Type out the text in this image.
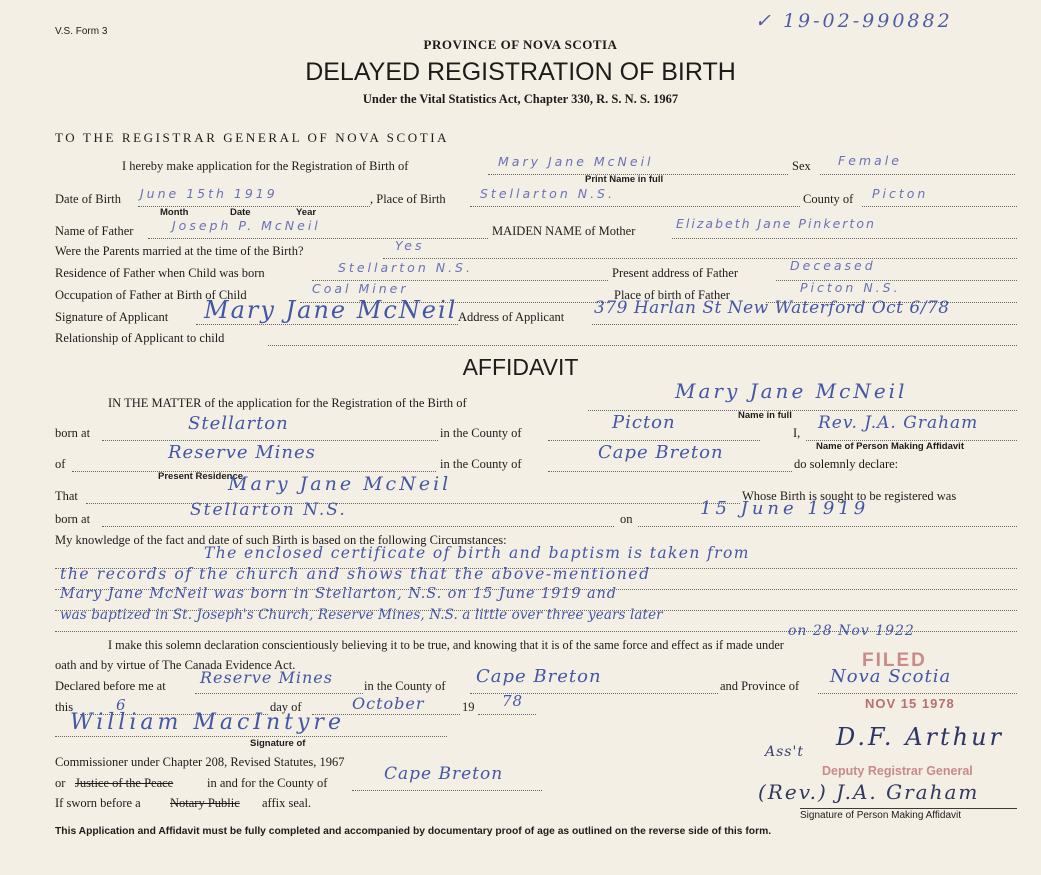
V.S. Form 3	✓ 19-02-990882
PROVINCE OF NOVA SCOTIA
DELAYED REGISTRATION OF BIRTH
Under the Vital Statistics Act, Chapter 330, R. S. N. S. 1967
TO THE REGISTRAR GENERAL OF NOVA SCOTIA
I hereby make application for the Registration of Birth of	Mary Jane McNeil
Print Name in full
Sex Female
Date of Birth June 15th 1919
Month	Date	Year
, Place of Birth	Stellarton N.S.	County of Picton
Name of Father	Joseph P. McNeil	MAIDEN NAME of Mother	Elizabeth Jane Pinkerton
Were the Parents married at the time of the Birth?	Yes
Residence of Father when Child was born	Stellarton N.S.	Present address of Father	Deceased
Occupation of Father at Birth of Child	Coal Miner	Place of birth of Father	Picton N.S.
Signature of Applicant Mary Jane McNeil Address of Applicant 379 Harlan St New Waterford Oct 6/78
Relationship of Applicant to child
AFFIDAVIT
IN THE MATTER of the application for the Registration of the Birth of	Mary Jane McNeil
Name in full
born at	Stellarton	in the County of	Picton	I, Rev. J.A. Graham
Name of Person Making Affidavit
of
Reserve Mines
Present Residence
in the County of
Cape Breton
do solemnly declare:
That
Mary Jane McNeil
Whose Birth is sought to be registered was
born at	Stellarton N.S.	on	15 June 1919
My knowledge of the fact and date of such Birth is based on the following Circumstances:
The enclosed certificate of birth and baptism is taken from
the records of the church and shows that the above-mentioned
Mary Jane McNeil was born in Stellarton, N.S. on 15 June 1919 and
was baptized in St. Joseph's Church, Reserve Mines, N.S. a little over three years later
on 28 Nov 1922
I make this solemn declaration conscientiously believing it to be true, and knowing that it is of the same force and effect as if made under
oath and by virtue of The Canada Evidence Act.
Declared before me at Reserve Mines in the County of Cape Breton	and Province of Nova Scotia
this	6	day of	October	19 78
William MacIntyre
Signature of
Commissioner under Chapter 208, Revised Statutes, 1967
or Justice of the Peace	in and for the County of	Cape Breton
If sworn before a Notary Public affix seal.
FILED
NOV 15 1978
Ass't
D.F. Arthur
Deputy Registrar General
(Rev.) J.A. Graham
Signature of Person Making Affidavit
This Application and Affidavit must be fully completed and accompanied by documentary proof of age as outlined on the reverse side of this form.
